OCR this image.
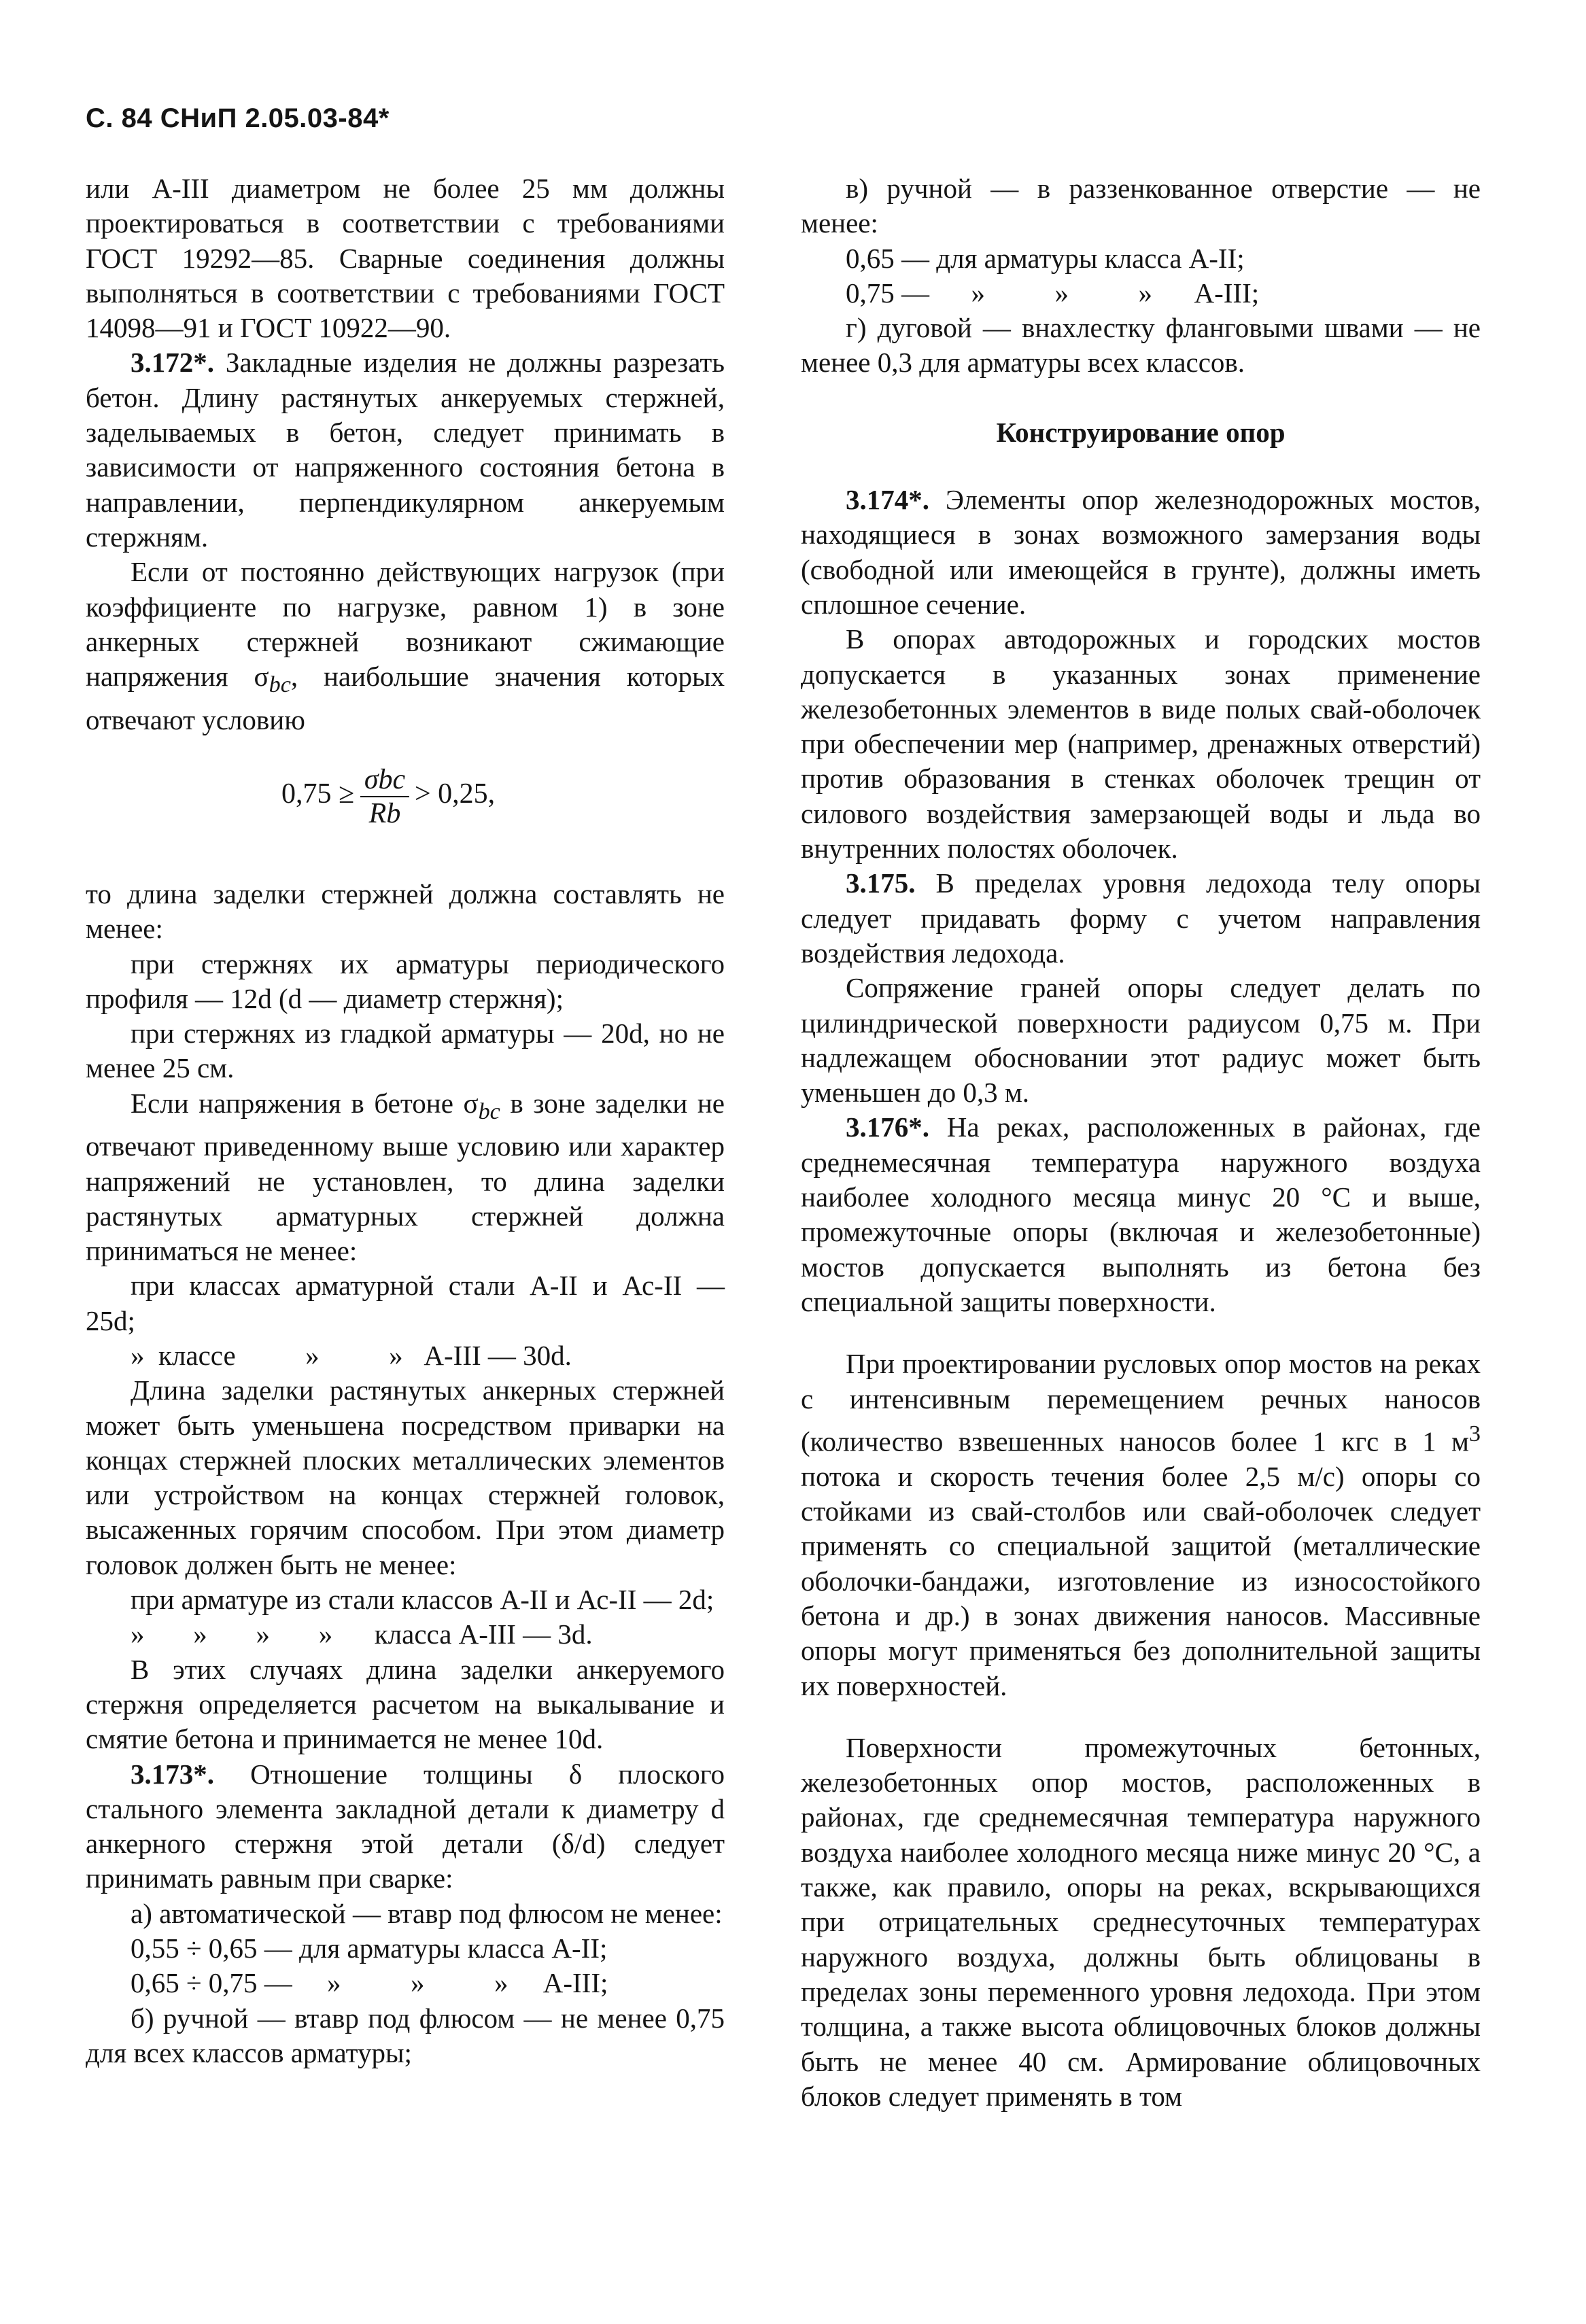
С. 84 СНиП 2.05.03-84*

или А-III диаметром не более 25 мм должны проектироваться в соответствии с требованиями ГОСТ 19292—85. Сварные соединения должны выполняться в соответствии с требованиями ГОСТ 14098—91 и ГОСТ 10922—90.

3.172*. Закладные изделия не должны разрезать бетон. Длину растянутых анкеруемых стержней, заделываемых в бетон, следует принимать в зависимости от напряженного состояния бетона в направлении, перпендикулярном анкеруемым стержням.

Если от постоянно действующих нагрузок (при коэффициенте по нагрузке, равном 1) в зоне анкерных стержней возникают сжимающие напряжения $\sigma_{bc}$, наибольшие значения которых отвечают условию

0,75 ≥ σbc
Rb
> 0,25,

то длина заделки стержней должна составлять не менее:

при стержнях их арматуры периодического профиля — 12d (d — диаметр стержня);

при стержнях из гладкой арматуры — 20d, но не менее 25 см.

Если напряжения в бетоне $\sigma_{bc}$ в зоне заделки не отвечают приведенному выше условию или характер напряжений не установлен, то длина заделки растянутых арматурных стержней должна приниматься не менее:

при классах арматурной стали А-II и Ас-II — 25d;

»  классе          »          »   А-III — 30d.

Длина заделки растянутых анкерных стержней может быть уменьшена посредством приварки на концах стержней плоских металлических элементов или устройством на концах стержней головок, высаженных горячим способом. При этом диаметр головок должен быть не менее:

при арматуре из стали классов А-II и Ас-II — 2d;

»       »       »       »      класса А-III — 3d.

В этих случаях длина заделки анкеруемого стержня определяется расчетом на выкалывание и смятие бетона и принимается не менее 10d.

3.173*. Отношение толщины δ плоского стального элемента закладной детали к диаметру d анкерного стержня этой детали (δ/d) следует принимать равным при сварке:

а) автоматической — втавр под флюсом не менее:

0,55 ÷ 0,65 — для арматуры класса А-II;

0,65 ÷ 0,75 —     »          »          »     А-III;

б) ручной — втавр под флюсом — не менее 0,75 для всех классов арматуры;

в) ручной — в раззенкованное отверстие — не менее:

0,65 — для арматуры класса А-II;

0,75 —      »          »          »      А-III;

г) дуговой — внахлестку фланговыми швами — не менее 0,3 для арматуры всех классов.

Конструирование опор

3.174*. Элементы опор железнодорожных мостов, находящиеся в зонах возможного замерзания воды (свободной или имеющейся в грунте), должны иметь сплошное сечение.

В опорах автодорожных и городских мостов допускается в указанных зонах применение железобетонных элементов в виде полых свай-оболочек при обеспечении мер (например, дренажных отверстий) против образования в стенках оболочек трещин от силового воздействия замерзающей воды и льда во внутренних полостях оболочек.

3.175. В пределах уровня ледохода телу опоры следует придавать форму с учетом направления воздействия ледохода.

Сопряжение граней опоры следует делать по цилиндрической поверхности радиусом 0,75 м. При надлежащем обосновании этот радиус может быть уменьшен до 0,3 м.

3.176*. На реках, расположенных в районах, где среднемесячная температура наружного воздуха наиболее холодного месяца минус 20 °С и выше, промежуточные опоры (включая и железобетонные) мостов допускается выполнять из бетона без специальной защиты поверхности.

При проектировании русловых опор мостов на реках с интенсивным перемещением речных наносов (количество взвешенных наносов более 1 кгс в 1 $м^3$ потока и скорость течения более 2,5 м/с) опоры со стойками из свай-столбов или свай-оболочек следует применять со специальной защитой (металлические оболочки-бандажи, изготовление из износостойкого бетона и др.) в зонах движения наносов. Массивные опоры могут применяться без дополнительной защиты их поверхностей.

Поверхности промежуточных бетонных, железобетонных опор мостов, расположенных в районах, где среднемесячная температура наружного воздуха наиболее холодного месяца ниже минус 20 °С, а также, как правило, опоры на реках, вскрывающихся при отрицательных среднесуточных температурах наружного воздуха, должны быть облицованы в пределах зоны переменного уровня ледохода. При этом толщина, а также высота облицовочных блоков должны быть не менее 40 см. Армирование облицовочных блоков следует применять в том
